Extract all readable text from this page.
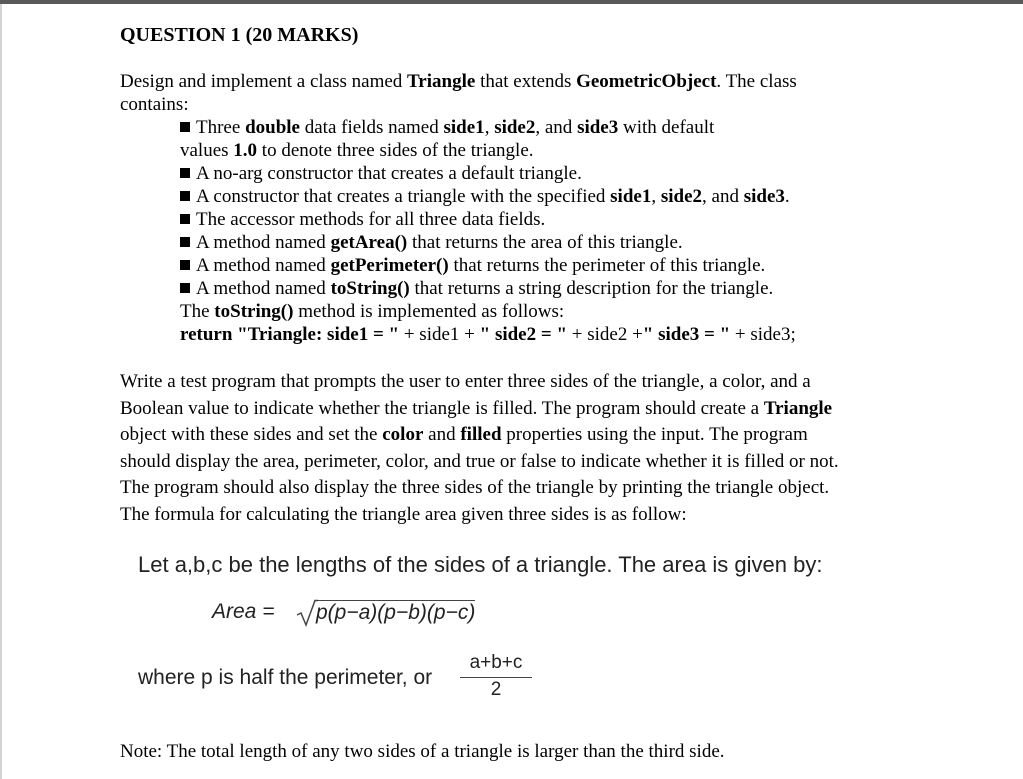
QUESTION 1 (20 MARKS)
Design and implement a class named Triangle that extends GeometricObject. The class
contains:
Three double data fields named side1, side2, and side3 with default
values 1.0 to denote three sides of the triangle.
A no-arg constructor that creates a default triangle.
A constructor that creates a triangle with the specified side1, side2, and side3.
The accessor methods for all three data fields.
A method named getArea() that returns the area of this triangle.
A method named getPerimeter() that returns the perimeter of this triangle.
A method named toString() that returns a string description for the triangle.
The toString() method is implemented as follows:
return "Triangle: side1 = " + side1 + " side2 = " + side2 +" side3 = " + side3;
Write a test program that prompts the user to enter three sides of the triangle, a color, and a
Boolean value to indicate whether the triangle is filled. The program should create a Triangle
object with these sides and set the color and filled properties using the input. The program
should display the area, perimeter, color, and true or false to indicate whether it is filled or not.
The program should also display the three sides of the triangle by printing the triangle object.
The formula for calculating the triangle area given three sides is as follow:
Let a,b,c be the lengths of the sides of a triangle. The area is given by:
Area = p(p−a)(p−b)(p−c)
where p is half the perimeter, or $\frac{a+b+c}{2}$
Note: The total length of any two sides of a triangle is larger than the third side.
